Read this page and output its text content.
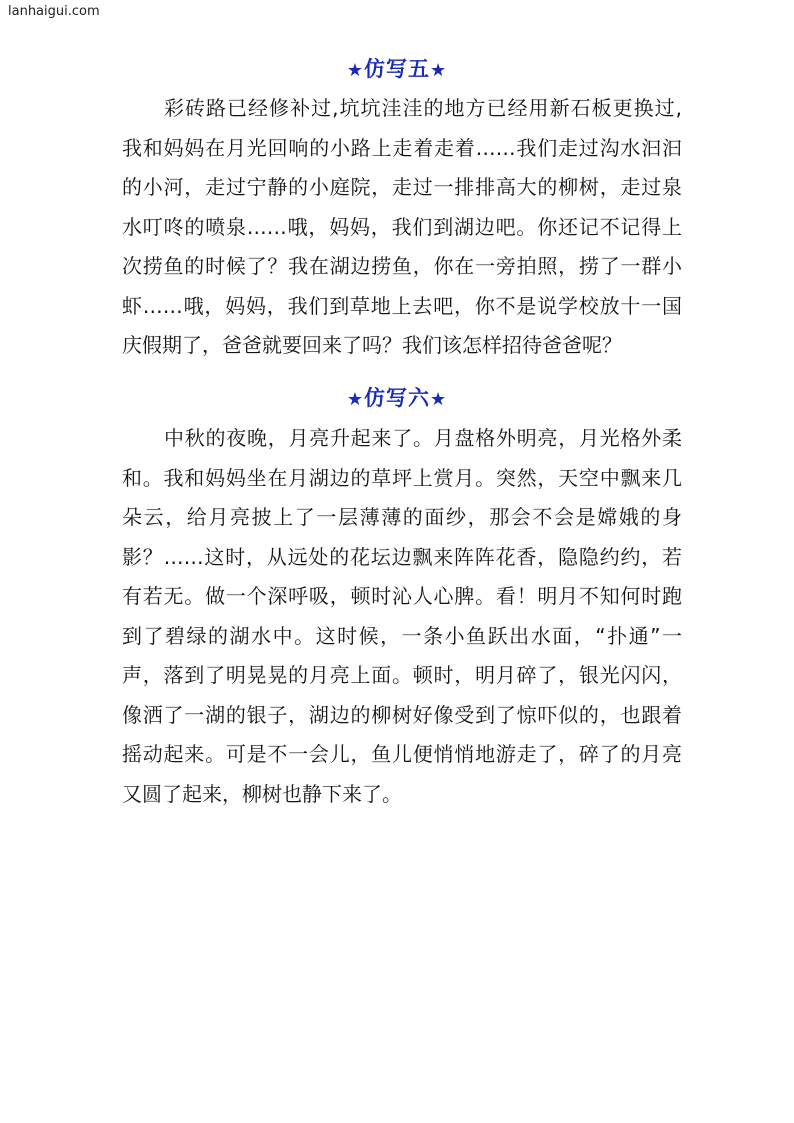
lanhaigui.com
★仿写五★
彩砖路已经修补过,坑坑洼洼的地方已经用新石板更换过,
我和妈妈在月光回响的小路上走着走着……我们走过沟水汩汩
的小河，走过宁静的小庭院，走过一排排高大的柳树，走过泉
水叮咚的喷泉……哦，妈妈，我们到湖边吧。你还记不记得上
次捞鱼的时候了？我在湖边捞鱼，你在一旁拍照，捞了一群小
虾……哦，妈妈，我们到草地上去吧，你不是说学校放十一国
庆假期了，爸爸就要回来了吗？我们该怎样招待爸爸呢？
★仿写六★
中秋的夜晚，月亮升起来了。月盘格外明亮，月光格外柔
和。我和妈妈坐在月湖边的草坪上赏月。突然，天空中飘来几
朵云，给月亮披上了一层薄薄的面纱，那会不会是嫦娥的身
影？……这时，从远处的花坛边飘来阵阵花香，隐隐约约，若
有若无。做一个深呼吸，顿时沁人心脾。看！明月不知何时跑
到了碧绿的湖水中。这时候，一条小鱼跃出水面，“扑通”一
声，落到了明晃晃的月亮上面。顿时，明月碎了，银光闪闪，
像洒了一湖的银子，湖边的柳树好像受到了惊吓似的，也跟着
摇动起来。可是不一会儿，鱼儿便悄悄地游走了，碎了的月亮
又圆了起来，柳树也静下来了。
